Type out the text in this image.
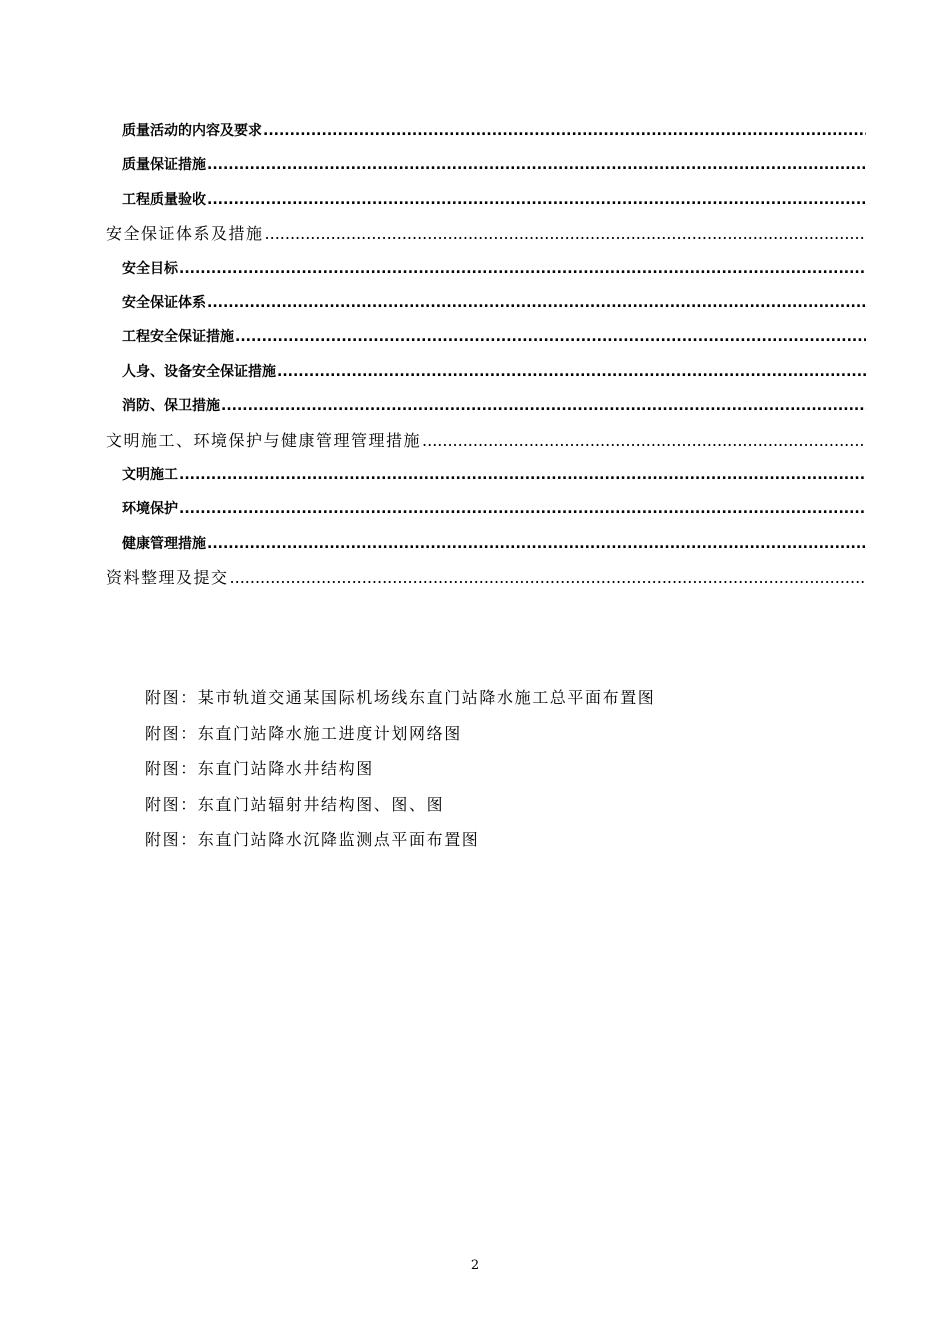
质量活动的内容及要求
.....
质量保证措施
.....
工程质量验收
.....
安全保证体系及措施
.....
安全目标
.....
安全保证体系
.....
工程安全保证措施
.....
人身、设备安全保证措施
.....
消防、保卫措施
.....
文明施工、环境保护与健康管理管理措施
.....
文明施工
.....
环境保护
.....
健康管理措施
.....
资料整理及提交
.....
附图：某市轨道交通某国际机场线东直门站降水施工总平面布置图
附图：东直门站降水施工进度计划网络图
附图：东直门站降水井结构图
附图：东直门站辐射井结构图、图、图
附图：东直门站降水沉降监测点平面布置图
2
